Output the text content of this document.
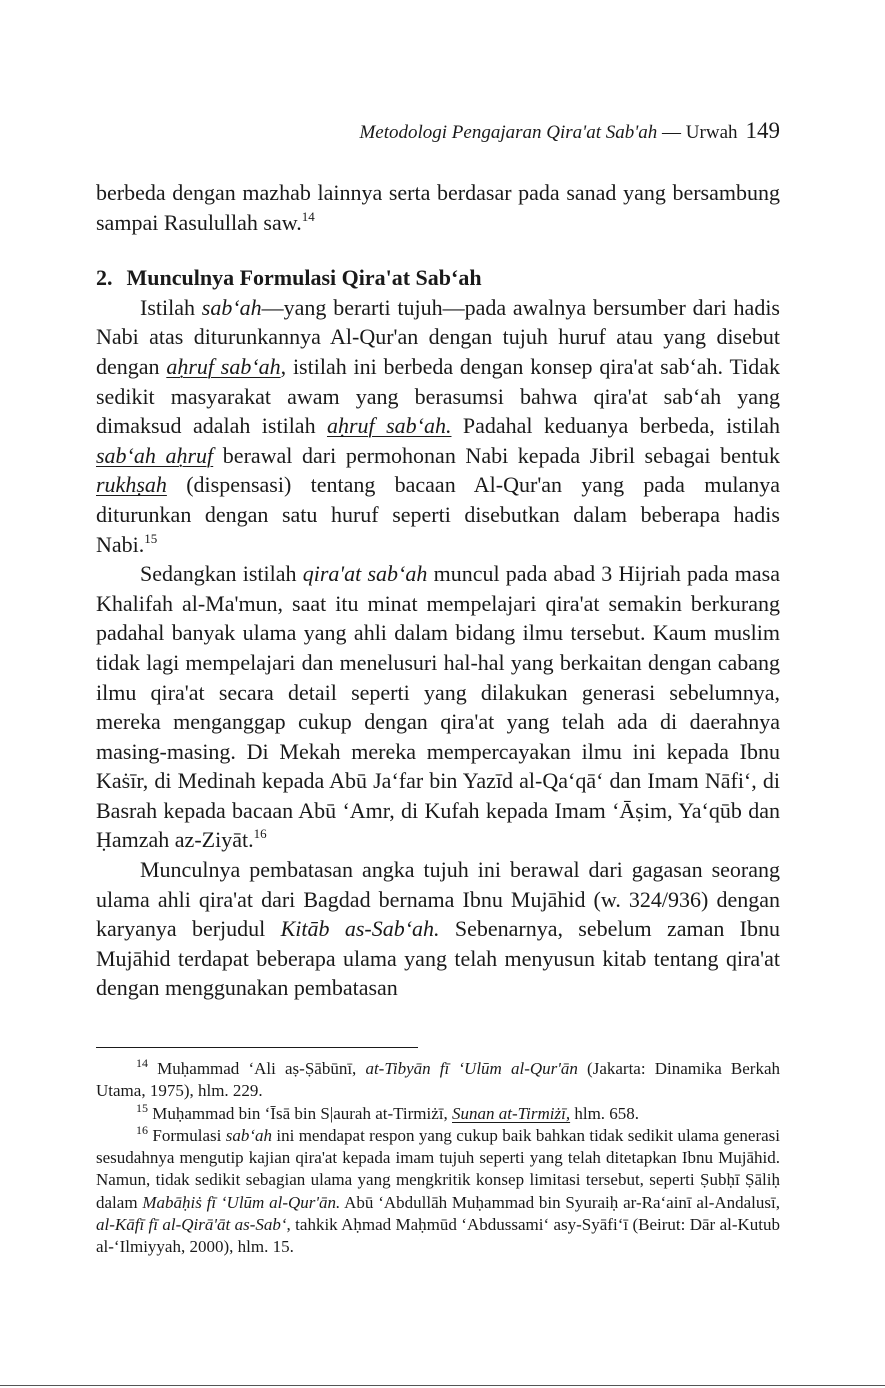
Metodologi Pengajaran Qira'at Sab'ah — Urwah 149

berbeda dengan mazhab lainnya serta berdasar pada sanad yang bersambung sampai Rasulullah saw.$^{14}$

2. Munculnya Formulasi Qira'at Sab‘ah

Istilah sab‘ah—yang berarti tujuh—pada awalnya bersumber dari hadis Nabi atas diturunkannya Al-Qur'an dengan tujuh huruf atau yang disebut dengan aḥruf sab‘ah, istilah ini berbeda dengan konsep qira'at sab‘ah. Tidak sedikit masyarakat awam yang berasumsi bahwa qira'at sab‘ah yang dimaksud adalah istilah aḥruf sab‘ah. Padahal keduanya berbeda, istilah sab‘ah aḥruf berawal dari permohonan Nabi kepada Jibril sebagai bentuk rukhṣah (dispensasi) tentang bacaan Al-Qur'an yang pada mulanya diturunkan dengan satu huruf seperti disebutkan dalam beberapa hadis Nabi.$^{15}$

Sedangkan istilah qira'at sab‘ah muncul pada abad 3 Hijriah pada masa Khalifah al-Ma'mun, saat itu minat mempelajari qira'at semakin berkurang padahal banyak ulama yang ahli dalam bidang ilmu tersebut. Kaum muslim tidak lagi mempelajari dan menelusuri hal-hal yang berkaitan dengan cabang ilmu qira'at secara detail seperti yang dilakukan generasi sebelumnya, mereka menganggap cukup dengan qira'at yang telah ada di daerahnya masing-masing. Di Mekah mereka mempercayakan ilmu ini kepada Ibnu Kaṡīr, di Medinah kepada Abū Ja‘far bin Yazīd al-Qa‘qā‘ dan Imam Nāfi‘, di Basrah kepada bacaan Abū ‘Amr, di Kufah kepada Imam ‘Āṣim, Ya‘qūb dan Ḥamzah az-Ziyāt.$^{16}$

Munculnya pembatasan angka tujuh ini berawal dari gagasan seorang ulama ahli qira'at dari Bagdad bernama Ibnu Mujāhid (w. 324/936) dengan karyanya berjudul Kitāb as-Sab‘ah. Sebenarnya, sebelum zaman Ibnu Mujāhid terdapat beberapa ulama yang telah menyusun kitab tentang qira'at dengan menggunakan pembatasan

$^{14}$ Muḥammad ‘Ali aṣ-Ṣābūnī, at-Tibyān fī ‘Ulūm al-Qur'ān (Jakarta: Dinamika Berkah Utama, 1975), hlm. 229.

$^{15}$ Muḥammad bin ‘Īsā bin S|aurah at-Tirmiżī, Sunan at-Tirmiżī, hlm. 658.

$^{16}$ Formulasi sab‘ah ini mendapat respon yang cukup baik bahkan tidak sedikit ulama generasi sesudahnya mengutip kajian qira'at kepada imam tujuh seperti yang telah ditetapkan Ibnu Mujāhid. Namun, tidak sedikit sebagian ulama yang mengkritik konsep limitasi tersebut, seperti Ṣubḥī Ṣāliḥ dalam Mabāḥiṡ fī ‘Ulūm al-Qur'ān. Abū ‘Abdullāh Muḥammad bin Syuraiḥ ar-Ra‘ainī al-Andalusī, al-Kāfī fī al-Qirā'āt as-Sab‘, tahkik Aḥmad Maḥmūd ‘Abdussami‘ asy-Syāfi‘ī (Beirut: Dār al-Kutub al-‘Ilmiyyah, 2000), hlm. 15.
